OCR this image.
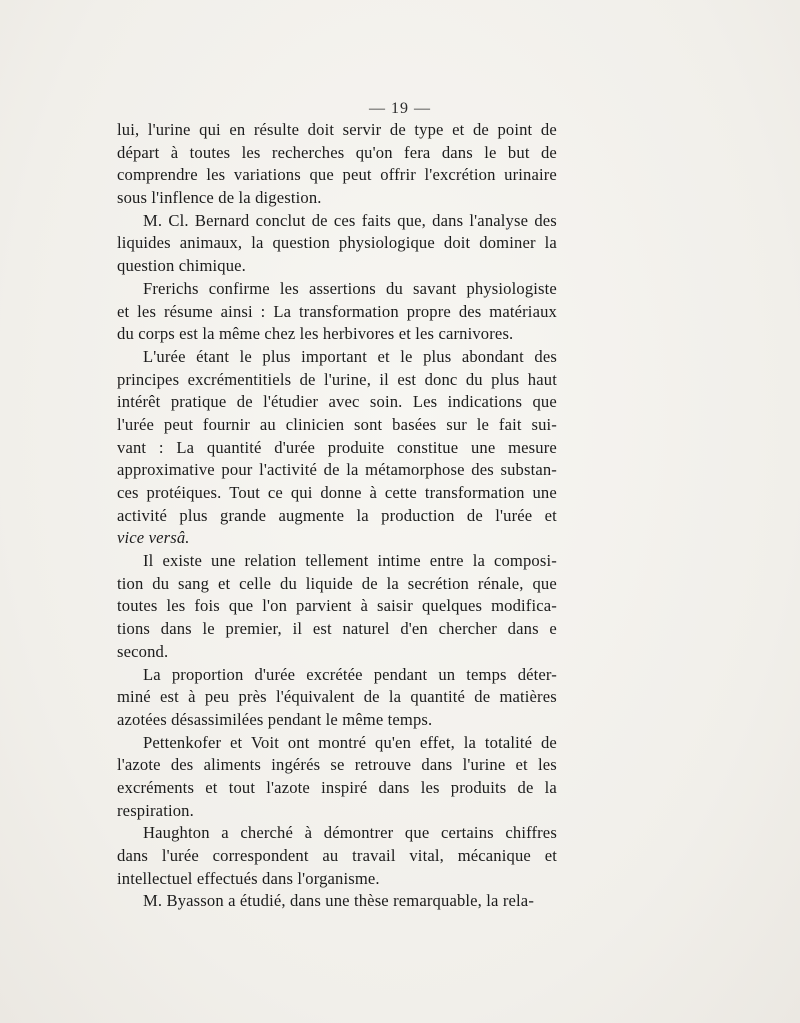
— 19 —
lui, l'urine qui en résulte doit servir de type et de point de
départ à toutes les recherches qu'on fera dans le but de
comprendre les variations que peut offrir l'excrétion urinaire
sous l'inflence de la digestion.
M. Cl. Bernard conclut de ces faits que, dans l'analyse des
liquides animaux, la question physiologique doit dominer la
question chimique.
Frerichs confirme les assertions du savant physiologiste
et les résume ainsi : La transformation propre des matériaux
du corps est la même chez les herbivores et les carnivores.
L'urée étant le plus important et le plus abondant des
principes excrémentitiels de l'urine, il est donc du plus haut
intérêt pratique de l'étudier avec soin. Les indications que
l'urée peut fournir au clinicien sont basées sur le fait sui-
vant : La quantité d'urée produite constitue une mesure
approximative pour l'activité de la métamorphose des substan-
ces protéiques. Tout ce qui donne à cette transformation une
activité plus grande augmente la production de l'urée et
vice versâ.
Il existe une relation tellement intime entre la composi-
tion du sang et celle du liquide de la secrétion rénale, que
toutes les fois que l'on parvient à saisir quelques modifica-
tions dans le premier, il est naturel d'en chercher dans e
second.
La proportion d'urée excrétée pendant un temps déter-
miné est à peu près l'équivalent de la quantité de matières
azotées désassimilées pendant le même temps.
Pettenkofer et Voit ont montré qu'en effet, la totalité de
l'azote des aliments ingérés se retrouve dans l'urine et les
excréments et tout l'azote inspiré dans les produits de la
respiration.
Haughton a cherché à démontrer que certains chiffres
dans l'urée correspondent au travail vital, mécanique et
intellectuel effectués dans l'organisme.
M. Byasson a étudié, dans une thèse remarquable, la rela-
